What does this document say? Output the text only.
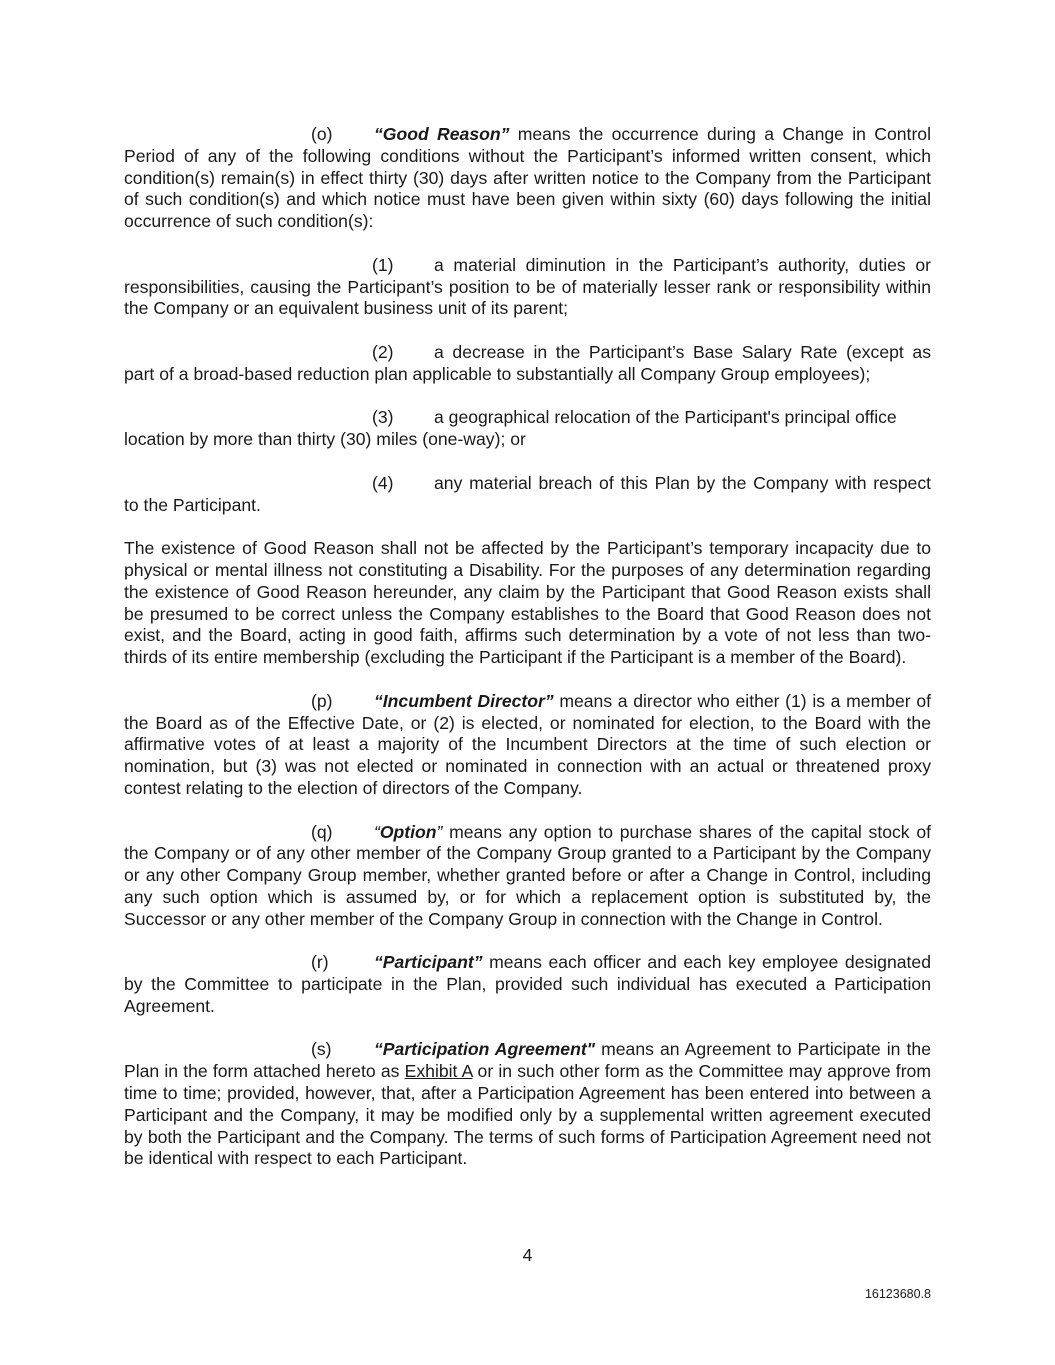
(o) “Good Reason” means the occurrence during a Change in Control Period of any of the following conditions without the Participant’s informed written consent, which condition(s) remain(s) in effect thirty (30) days after written notice to the Company from the Participant of such condition(s) and which notice must have been given within sixty (60) days following the initial occurrence of such condition(s):

(1) a material diminution in the Participant’s authority, duties or responsibilities, causing the Participant’s position to be of materially lesser rank or responsibility within the Company or an equivalent business unit of its parent;

(2) a decrease in the Participant’s Base Salary Rate (except as part of a broad-based reduction plan applicable to substantially all Company Group employees);

(3) a geographical relocation of the Participant's principal office location by more than thirty (30) miles (one-way); or

(4) any material breach of this Plan by the Company with respect to the Participant.

The existence of Good Reason shall not be affected by the Participant’s temporary incapacity due to physical or mental illness not constituting a Disability. For the purposes of any determination regarding the existence of Good Reason hereunder, any claim by the Participant that Good Reason exists shall be presumed to be correct unless the Company establishes to the Board that Good Reason does not exist, and the Board, acting in good faith, affirms such determination by a vote of not less than two-thirds of its entire membership (excluding the Participant if the Participant is a member of the Board).

(p) “Incumbent Director” means a director who either (1) is a member of the Board as of the Effective Date, or (2) is elected, or nominated for election, to the Board with the affirmative votes of at least a majority of the Incumbent Directors at the time of such election or nomination, but (3) was not elected or nominated in connection with an actual or threatened proxy contest relating to the election of directors of the Company.

(q) “Option” means any option to purchase shares of the capital stock of the Company or of any other member of the Company Group granted to a Participant by the Company or any other Company Group member, whether granted before or after a Change in Control, including any such option which is assumed by, or for which a replacement option is substituted by, the Successor or any other member of the Company Group in connection with the Change in Control.

(r)	“Participant” means each officer and each key employee designated by the Committee to participate in the Plan, provided such individual has executed a Participation Agreement.

(s) “Participation Agreement" means an Agreement to Participate in the Plan in the form attached hereto as Exhibit A or in such other form as the Committee may approve from time to time; provided, however, that, after a Participation Agreement has been entered into between a Participant and the Company, it may be modified only by a supplemental written agreement executed by both the Participant and the Company. The terms of such forms of Participation Agreement need not be identical with respect to each Participant.

4
16123680.8
